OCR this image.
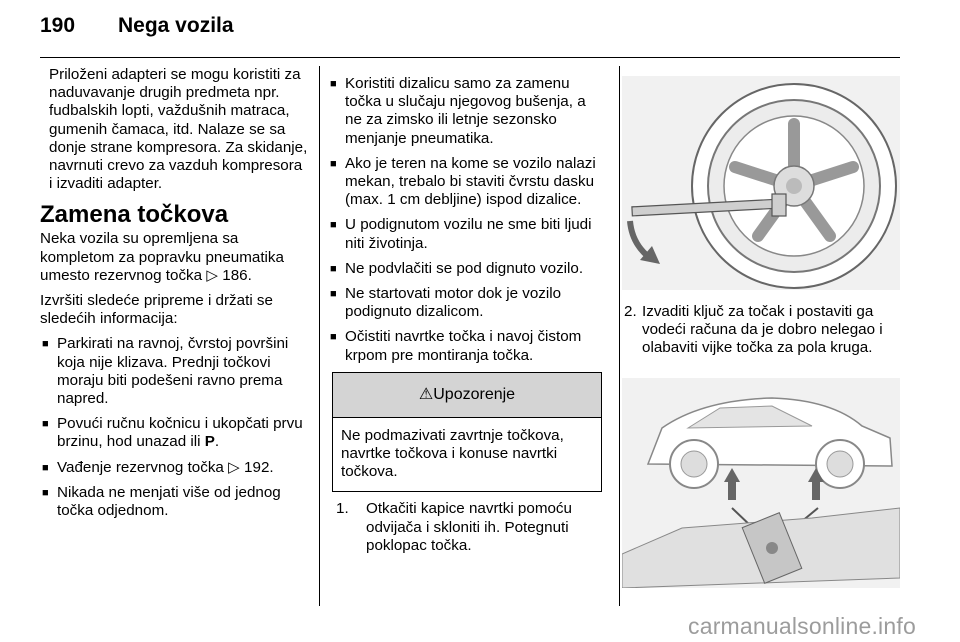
190 Nega vozila

Priloženi adapteri se mogu koristiti za naduvavanje drugih predmeta npr. fudbalskih lopti, važdušnih matraca, gumenih čamaca, itd. Nalaze se sa donje strane kompresora. Za skidanje, navrnuti crevo za vazduh kompresora i izvaditi adapter.

Zamena točkova

Neka vozila su opremljena sa kompletom za popravku pneumatika umesto rezervnog točka ▷ 186.

Izvršiti sledeće pripreme i držati se sledećih informacija:

■ Parkirati na ravnoj, čvrstoj površini koja nije klizava. Prednji točkovi moraju biti podešeni ravno prema napred.
■ Povući ručnu kočnicu i ukopčati prvu brzinu, hod unazad ili P.
■ Vađenje rezervnog točka ▷ 192.
■ Nikada ne menjati više od jednog točka odjednom.
■ Koristiti dizalicu samo za zamenu točka u slučaju njegovog bušenja, a ne za zimsko ili letnje sezonsko menjanje pneumatika.
■ Ako je teren na kome se vozilo nalazi mekan, trebalo bi staviti čvrstu dasku (max. 1 cm debljine) ispod dizalice.
■ U podignutom vozilu ne sme biti ljudi niti životinja.
■ Ne podvlačiti se pod dignuto vozilo.
■ Ne startovati motor dok je vozilo podignuto dizalicom.
■ Očistiti navrtke točka i navoj čistom krpom pre montiranja točka.
⚠Upozorenje
Ne podmazivati zavrtnje točkova, navrtke točkova i konuse navrtki točkova.
1. Otkačiti kapice navrtki pomoću odvijača i skloniti ih. Potegnuti poklopac točka.
2. Izvaditi ključ za točak i postaviti ga vodeći računa da je dobro nelegao i olabaviti vijke točka za pola kruga.
carmanualsonline.info
